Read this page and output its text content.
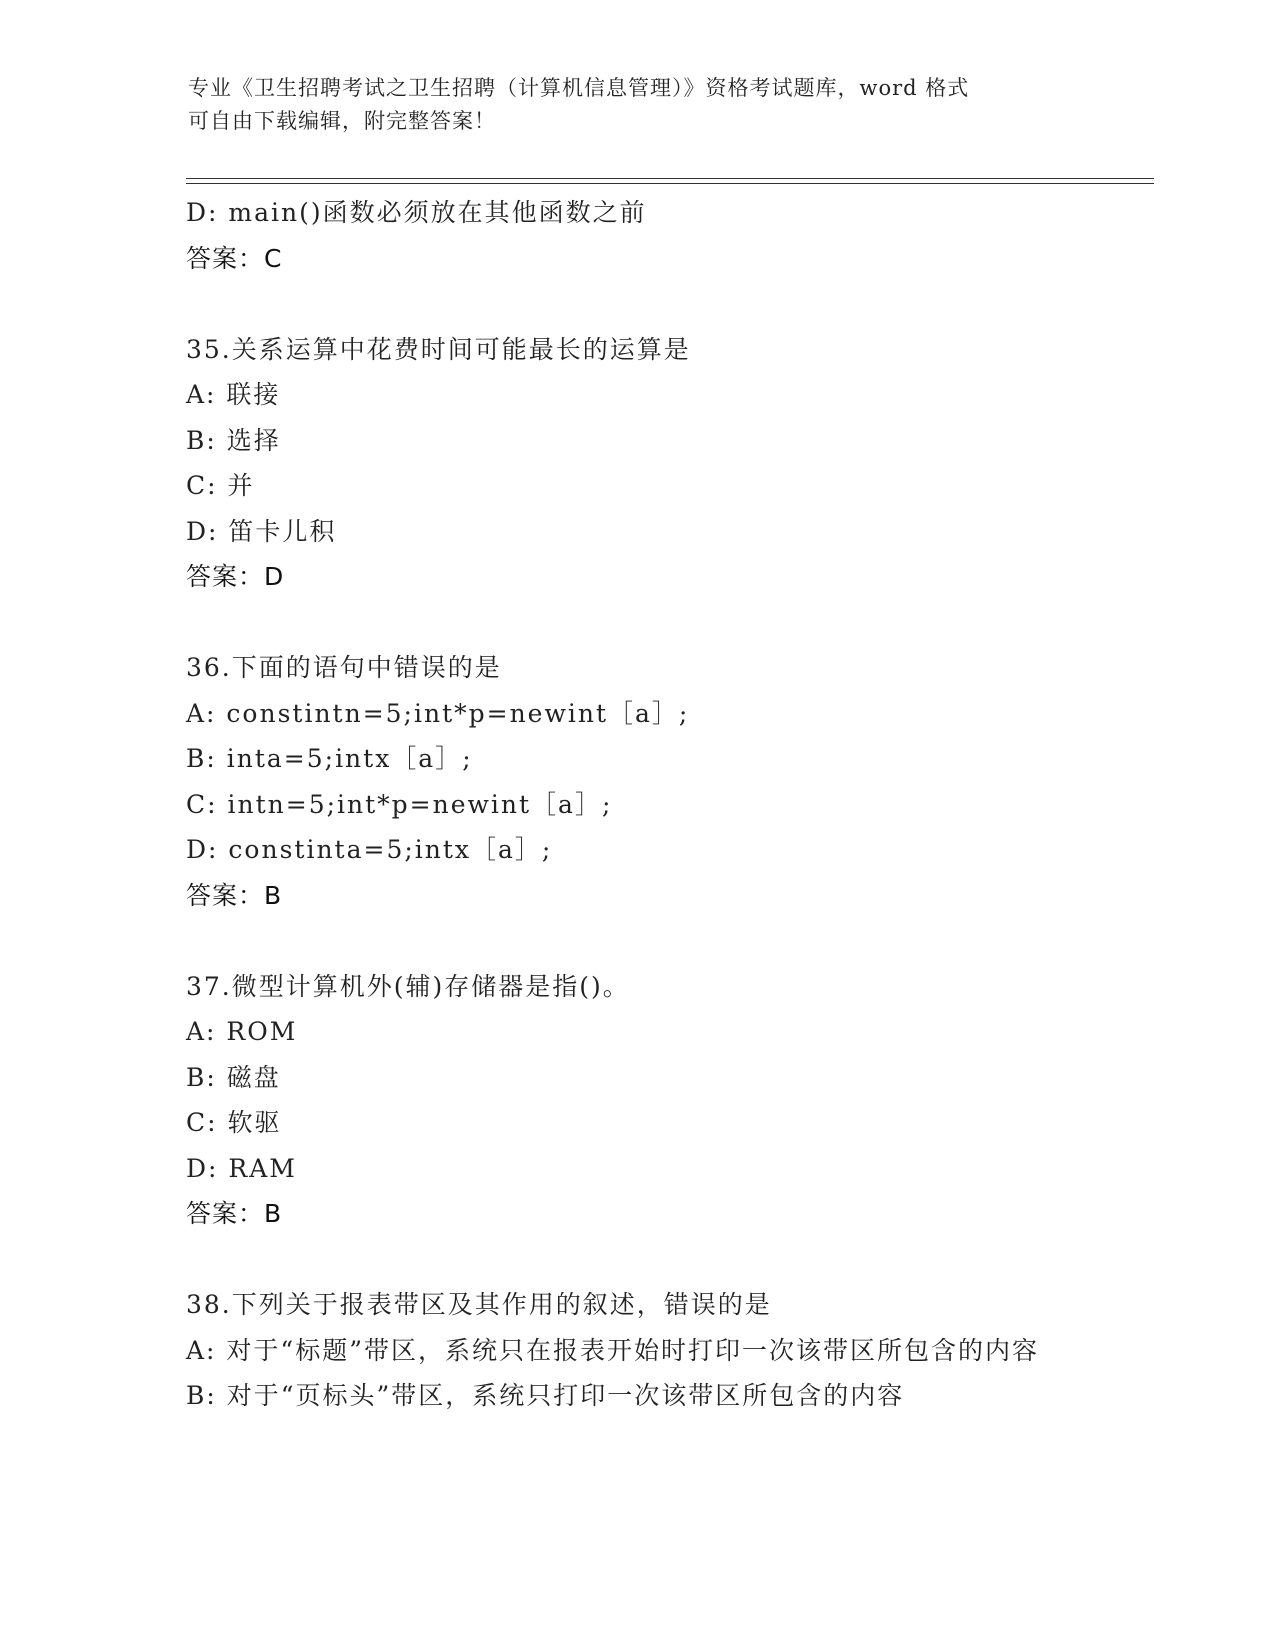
专业《卫生招聘考试之卫生招聘（计算机信息管理）》资格考试题库，word 格式
可自由下载编辑，附完整答案！
D: main()函数必须放在其他函数之前
答案：C
35.关系运算中花费时间可能最长的运算是
A: 联接
B: 选择
C: 并
D: 笛卡儿积
答案：D
36.下面的语句中错误的是
A: constintn=5;int*p=newint［a］;
B: inta=5;intx［a］;
C: intn=5;int*p=newint［a］;
D: constinta=5;intx［a］;
答案：B
37.微型计算机外(辅)存储器是指()。
A: ROM
B: 磁盘
C: 软驱
D: RAM
答案：B
38.下列关于报表带区及其作用的叙述，错误的是
A: 对于“标题”带区，系统只在报表开始时打印一次该带区所包含的内容
B: 对于“页标头”带区，系统只打印一次该带区所包含的内容
